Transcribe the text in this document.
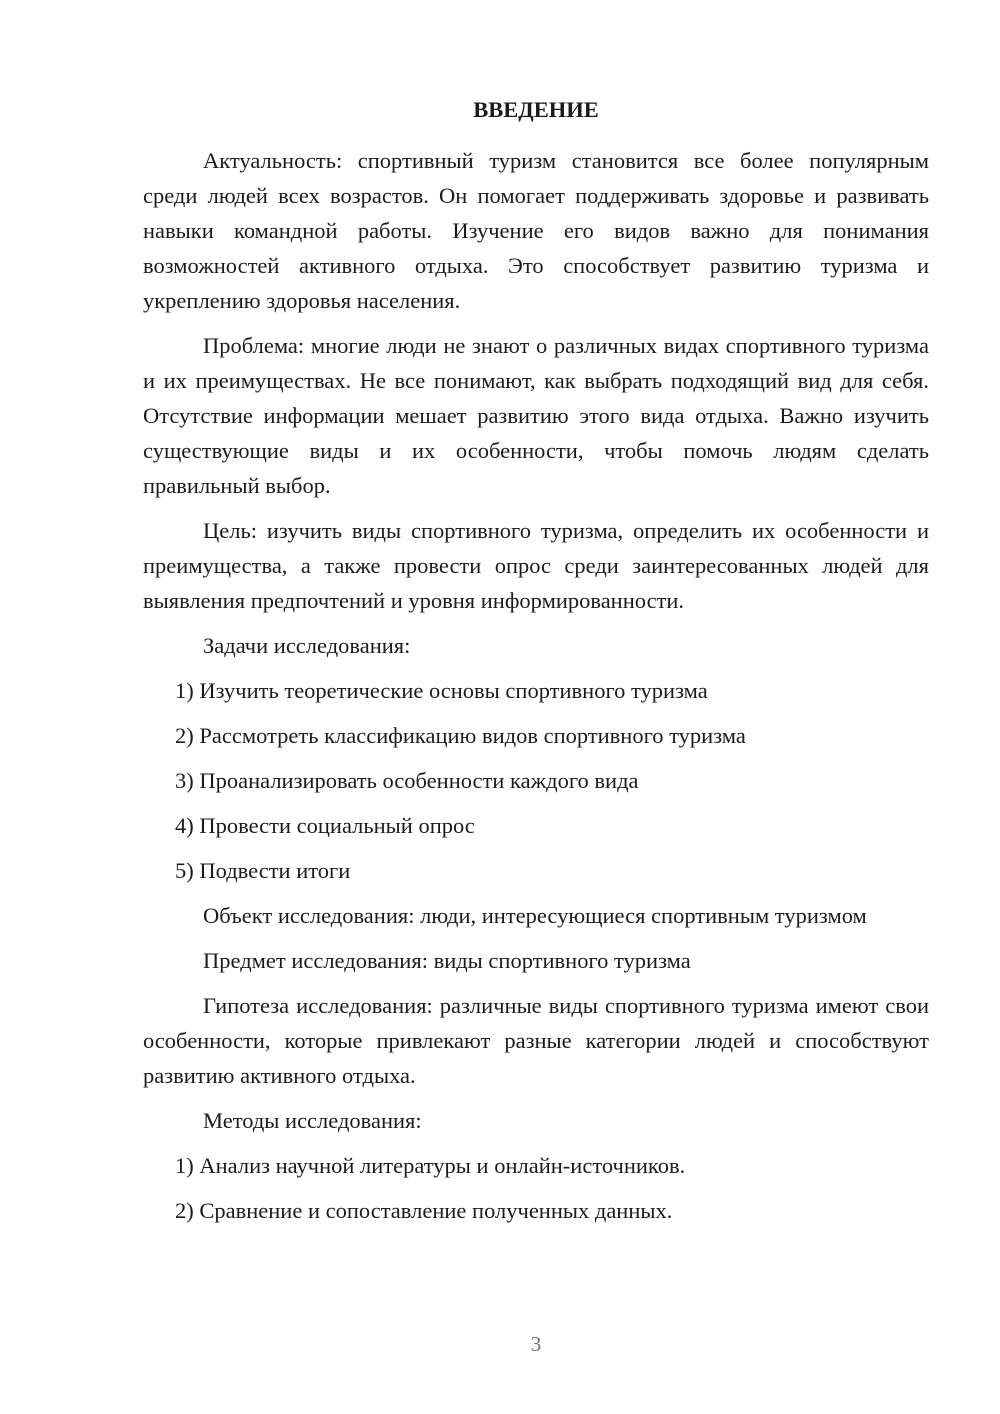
ВВЕДЕНИЕ

Актуальность: спортивный туризм становится все более популярным среди людей всех возрастов. Он помогает поддерживать здоровье и развивать навыки командной работы. Изучение его видов важно для понимания возможностей активного отдыха. Это способствует развитию туризма и укреплению здоровья населения.

Проблема: многие люди не знают о различных видах спортивного туризма и их преимуществах. Не все понимают, как выбрать подходящий вид для себя. Отсутствие информации мешает развитию этого вида отдыха. Важно изучить существующие виды и их особенности, чтобы помочь людям сделать правильный выбор.

Цель: изучить виды спортивного туризма, определить их особенности и преимущества, а также провести опрос среди заинтересованных людей для выявления предпочтений и уровня информированности.

Задачи исследования:

1) Изучить теоретические основы спортивного туризма
2) Рассмотреть классификацию видов спортивного туризма
3) Проанализировать особенности каждого вида
4) Провести социальный опрос
5) Подвести итоги

Объект исследования: люди, интересующиеся спортивным туризмом

Предмет исследования: виды спортивного туризма

Гипотеза исследования: различные виды спортивного туризма имеют свои особенности, которые привлекают разные категории людей и способствуют развитию активного отдыха.

Методы исследования:

1) Анализ научной литературы и онлайн-источников.
2) Сравнение и сопоставление полученных данных.
3
